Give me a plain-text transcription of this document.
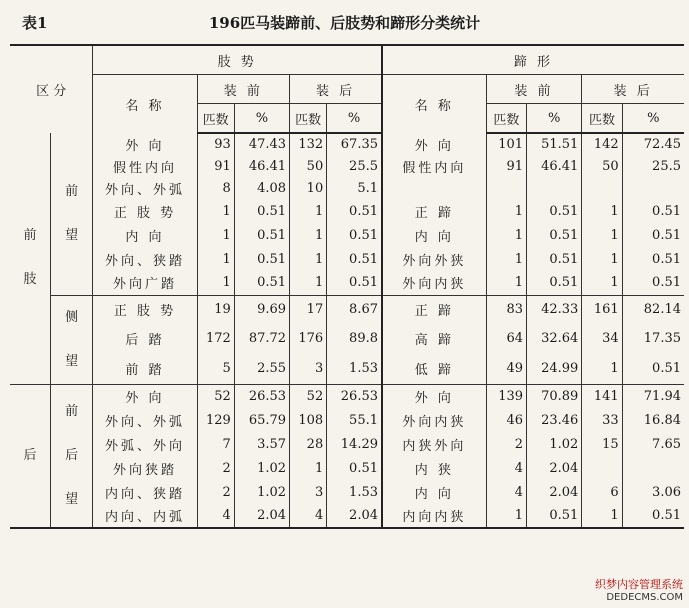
表1	196匹马装蹄前、后肢势和蹄形分类统计
区 分		肢 势					蹄 形				
		名 称	装 前		装 后		名 称	装 前		装 后	
			匹数	%	匹数	%		匹数	%	匹数	%
前 肢	前 望	外 向	93	47.43	132	67.35	外 向	101	51.51	142	72.45
		假性内向	91	46.41	50	25.5	假性内向	91	46.41	50	25.5
		外向、外弧	8	4.08	10	5.1					
		正 肢 势	1	0.51	1	0.51	正 蹄	1	0.51	1	0.51
		内 向	1	0.51	1	0.51	内 向	1	0.51	1	0.51
		外向、狭踏	1	0.51	1	0.51	外向外狭	1	0.51	1	0.51
		外向广踏	1	0.51	1	0.51	外向内狭	1	0.51	1	0.51
	侧 望	正 肢 势	19	9.69	17	8.67	正 蹄	83	42.33	161	82.14
		后 踏	172	87.72	176	89.8	高 蹄	64	32.64	34	17.35
		前 踏	5	2.55	3	1.53	低 蹄	49	24.99	1	0.51
后	前 后 望	外 向	52	26.53	52	26.53	外 向	139	70.89	141	71.94
		外向、外弧	129	65.79	108	55.1	外向内狭	46	23.46	33	16.84
		外弧、外向	7	3.57	28	14.29	内狭外向	2	1.02	15	7.65
		外向狭踏	2	1.02	1	0.51	内 狭	4	2.04		
		内向、狭踏	2	1.02	3	1.53	内 向	4	2.04	6	3.06
		内向、内弧	4	2.04	4	2.04	内向内狭	1	0.51	1	0.51
织梦内容管理系统
DEDECMS.COM
